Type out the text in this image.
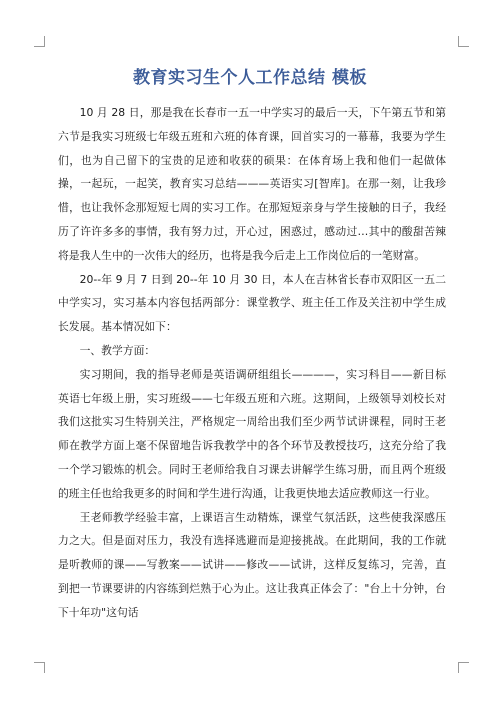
教育实习生个人工作总结 模板

10 月 28 日，那是我在长春市一五一中学实习的最后一天，下午第五节和第六节是我实习班级七年级五班和六班的体育课，回首实习的一幕幕，我要为学生们，也为自己留下的宝贵的足迹和收获的硕果：在体育场上我和他们一起做体操，一起玩，一起笑，教育实习总结———英语实习[智库]。在那一刻，让我珍惜，也让我怀念那短短七周的实习工作。在那短短亲身与学生接触的日子，我经历了许许多多的事情，我有努力过，开心过，困惑过，感动过…其中的酸甜苦辣将是我人生中的一次伟大的经历，也将是我今后走上工作岗位后的一笔财富。

20--年 9 月 7 日到 20--年 10 月 30 日，本人在吉林省长春市双阳区一五二中学实习，实习基本内容包括两部分：课堂教学、班主任工作及关注初中学生成长发展。基本情况如下：

一、教学方面：

实习期间，我的指导老师是英语调研组组长————，实习科目——新目标英语七年级上册，实习班级——七年级五班和六班。这期间，上级领导刘校长对我们这批实习生特别关注，严格规定一周给出我们至少两节试讲课程，同时王老师在教学方面上毫不保留地告诉我教学中的各个环节及教授技巧，这充分给了我一个学习锻炼的机会。同时王老师给我自习课去讲解学生练习册，而且两个班级的班主任也给我更多的时间和学生进行沟通，让我更快地去适应教师这一行业。

王老师教学经验丰富，上课语言生动精炼，课堂气氛活跃，这些使我深感压力之大。但是面对压力，我没有选择逃避而是迎接挑战。在此期间，我的工作就是听教师的课——写教案——试讲——修改——试讲，这样反复练习，完善，直到把一节课要讲的内容练到烂熟于心为止。这让我真正体会了："台上十分钟，台下十年功"这句话
